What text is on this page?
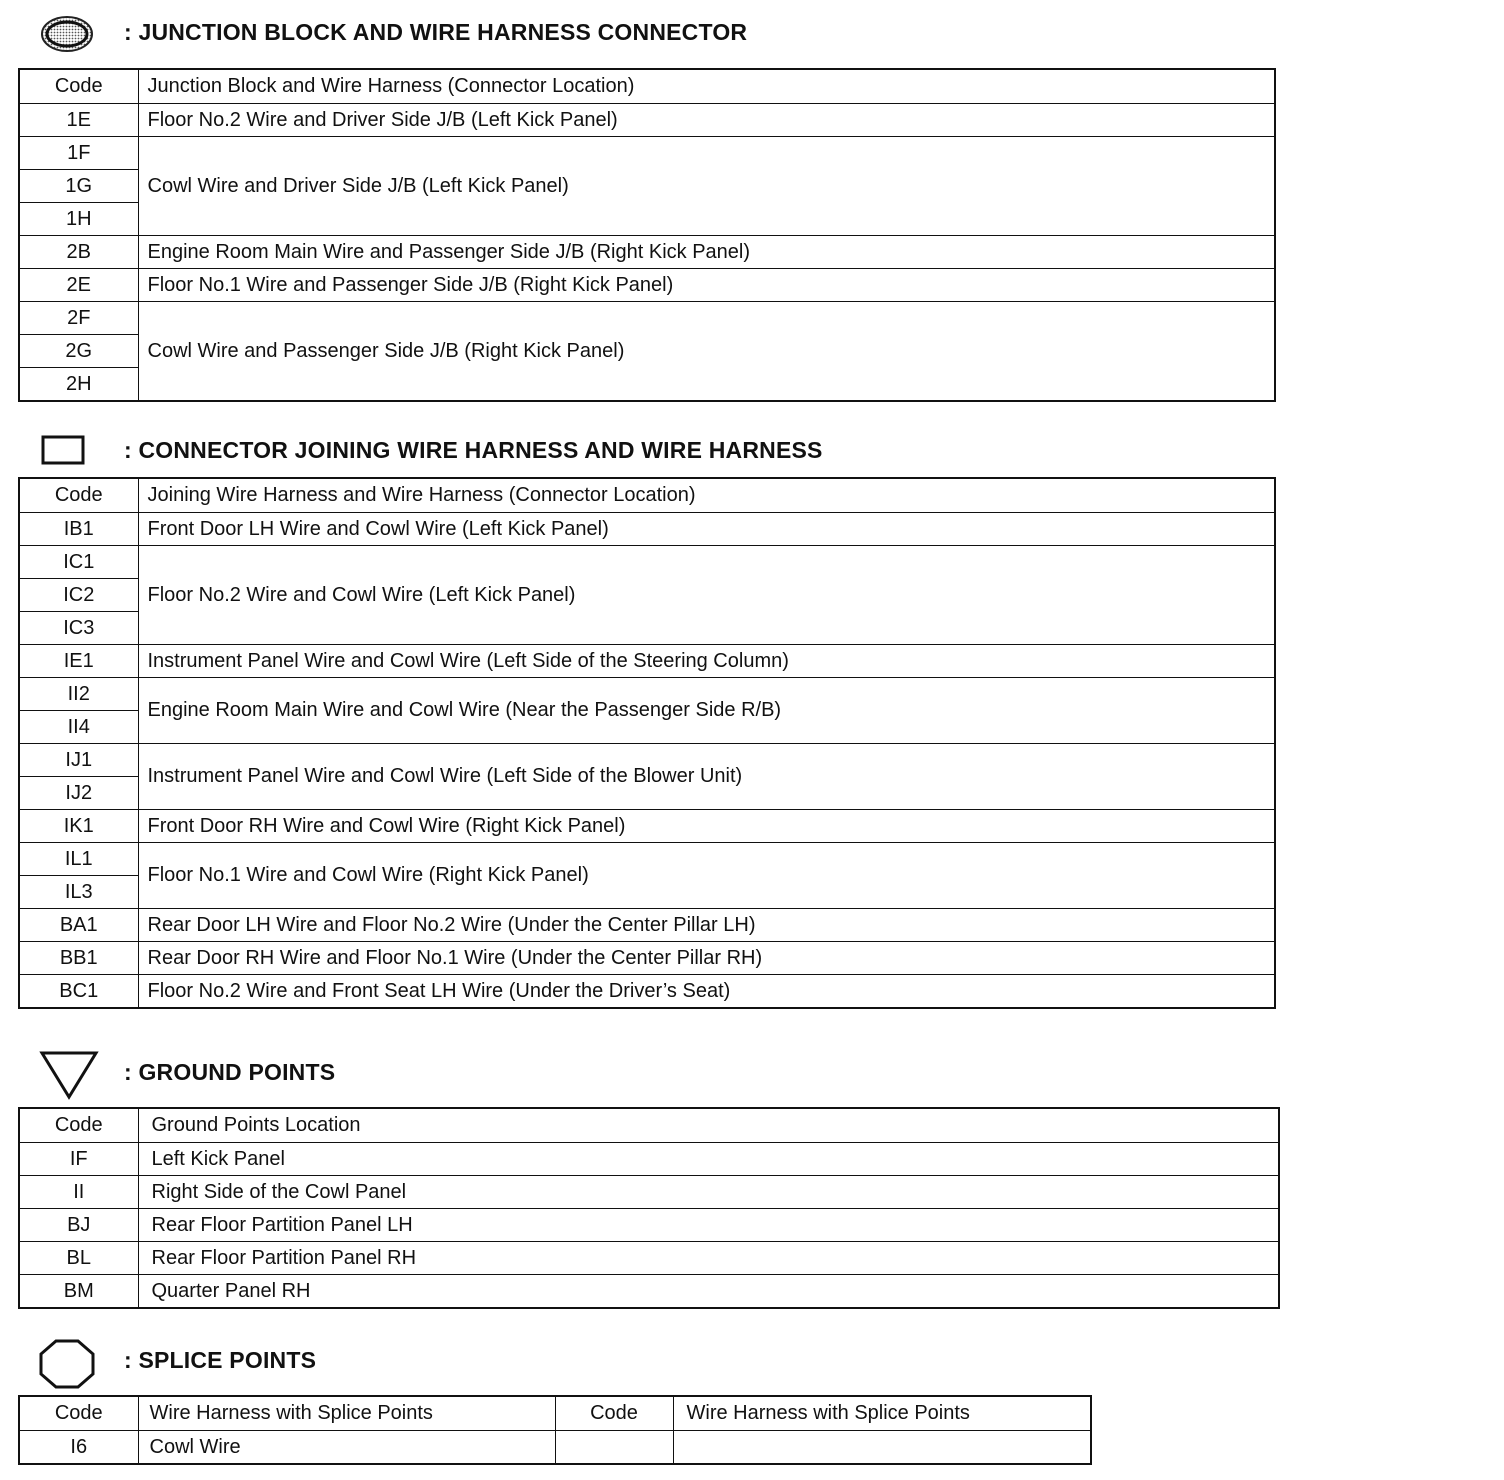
: JUNCTION BLOCK AND WIRE HARNESS CONNECTOR
Code	Junction Block and Wire Harness (Connector Location)
1E	Floor No.2 Wire and Driver Side J/B (Left Kick Panel)
1F	Cowl Wire and Driver Side J/B (Left Kick Panel)
1G	
1H	
2B	Engine Room Main Wire and Passenger Side J/B (Right Kick Panel)
2E	Floor No.1 Wire and Passenger Side J/B (Right Kick Panel)
2F	Cowl Wire and Passenger Side J/B (Right Kick Panel)
2G	
2H	
: CONNECTOR JOINING WIRE HARNESS AND WIRE HARNESS
Code	Joining Wire Harness and Wire Harness (Connector Location)
IB1	Front Door LH Wire and Cowl Wire (Left Kick Panel)
IC1	Floor No.2 Wire and Cowl Wire (Left Kick Panel)
IC2	
IC3	
IE1	Instrument Panel Wire and Cowl Wire (Left Side of the Steering Column)
II2	Engine Room Main Wire and Cowl Wire (Near the Passenger Side R/B)
II4	
IJ1	Instrument Panel Wire and Cowl Wire (Left Side of the Blower Unit)
IJ2	
IK1	Front Door RH Wire and Cowl Wire (Right Kick Panel)
IL1	Floor No.1 Wire and Cowl Wire (Right Kick Panel)
IL3	
BA1	Rear Door LH Wire and Floor No.2 Wire (Under the Center Pillar LH)
BB1	Rear Door RH Wire and Floor No.1 Wire (Under the Center Pillar RH)
BC1	Floor No.2 Wire and Front Seat LH Wire (Under the Driver’s Seat)
: GROUND POINTS
Code	Ground Points Location
IF	Left Kick Panel
II	Right Side of the Cowl Panel
BJ	Rear Floor Partition Panel LH
BL	Rear Floor Partition Panel RH
BM	Quarter Panel RH
: SPLICE POINTS
Code	Wire Harness with Splice Points	Code	Wire Harness with Splice Points
I6	Cowl Wire		
